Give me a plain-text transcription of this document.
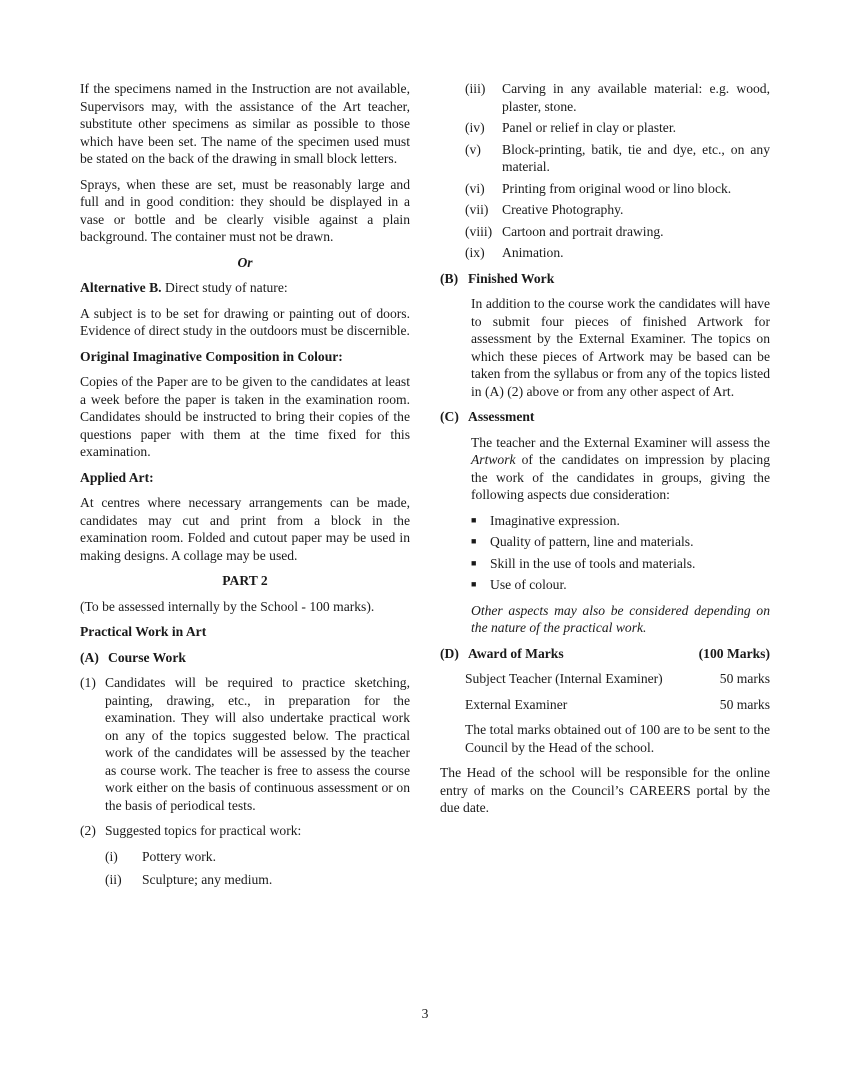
If the specimens named in the Instruction are not available, Supervisors may, with the assistance of the Art teacher, substitute other specimens as similar as possible to those which have been set. The name of the specimen used must be stated on the back of the drawing in small block letters.

Sprays, when these are set, must be reasonably large and full and in good condition: they should be displayed in a vase or bottle and be clearly visible against a plain background. The container must not be drawn.

Or

Alternative B. Direct study of nature:

A subject is to be set for drawing or painting out of doors. Evidence of direct study in the outdoors must be discernible.

Original Imaginative Composition in Colour:

Copies of the Paper are to be given to the candidates at least a week before the paper is taken in the examination room. Candidates should be instructed to bring their copies of the questions paper with them at the time fixed for this examination.

Applied Art:

At centres where necessary arrangements can be made, candidates may cut and print from a block in the examination room. Folded and cutout paper may be used in making designs. A collage may be used.

PART 2

(To be assessed internally by the School - 100 marks).

Practical Work in Art
(A) Course Work
(1) Candidates will be required to practice sketching, painting, drawing, etc., in preparation for the examination. They will also undertake practical work on any of the topics suggested below. The practical work of the candidates will be assessed by the teacher as course work. The teacher is free to assess the course work either on the basis of continuous assessment or on the basis of periodical tests.
(2) Suggested topics for practical work:
(i)	Pottery work.
(ii)	Sculpture; any medium.
(iii)	Carving in any available material: e.g. wood, plaster, stone.
(iv)	Panel or relief in clay or plaster.
(v)	Block-printing, batik, tie and dye, etc., on any material.
(vi)	Printing from original wood or lino block.
(vii) Creative Photography.
(viii) Cartoon and portrait drawing.
(ix)	Animation.
(B) Finished Work

In addition to the course work the candidates will have to submit four pieces of finished Artwork for assessment by the External Examiner. The topics on which these pieces of Artwork may be based can be taken from the syllabus or from any of the topics listed in (A) (2) above or from any other aspect of Art.

(C) Assessment

The teacher and the External Examiner will assess the Artwork of the candidates on impression by placing the work of the candidates in groups, giving the following aspects due consideration:

■ Imaginative expression.
■ Quality of pattern, line and materials.
■ Skill in the use of tools and materials.
■ Use of colour.

Other aspects may also be considered depending on the nature of the practical work.

(D) Award of Marks	(100 Marks)
Subject Teacher (Internal Examiner)	50 marks
External Examiner	50 marks

The total marks obtained out of 100 are to be sent to the Council by the Head of the school.

The Head of the school will be responsible for the online entry of marks on the Council’s CAREERS portal by the due date.

3
